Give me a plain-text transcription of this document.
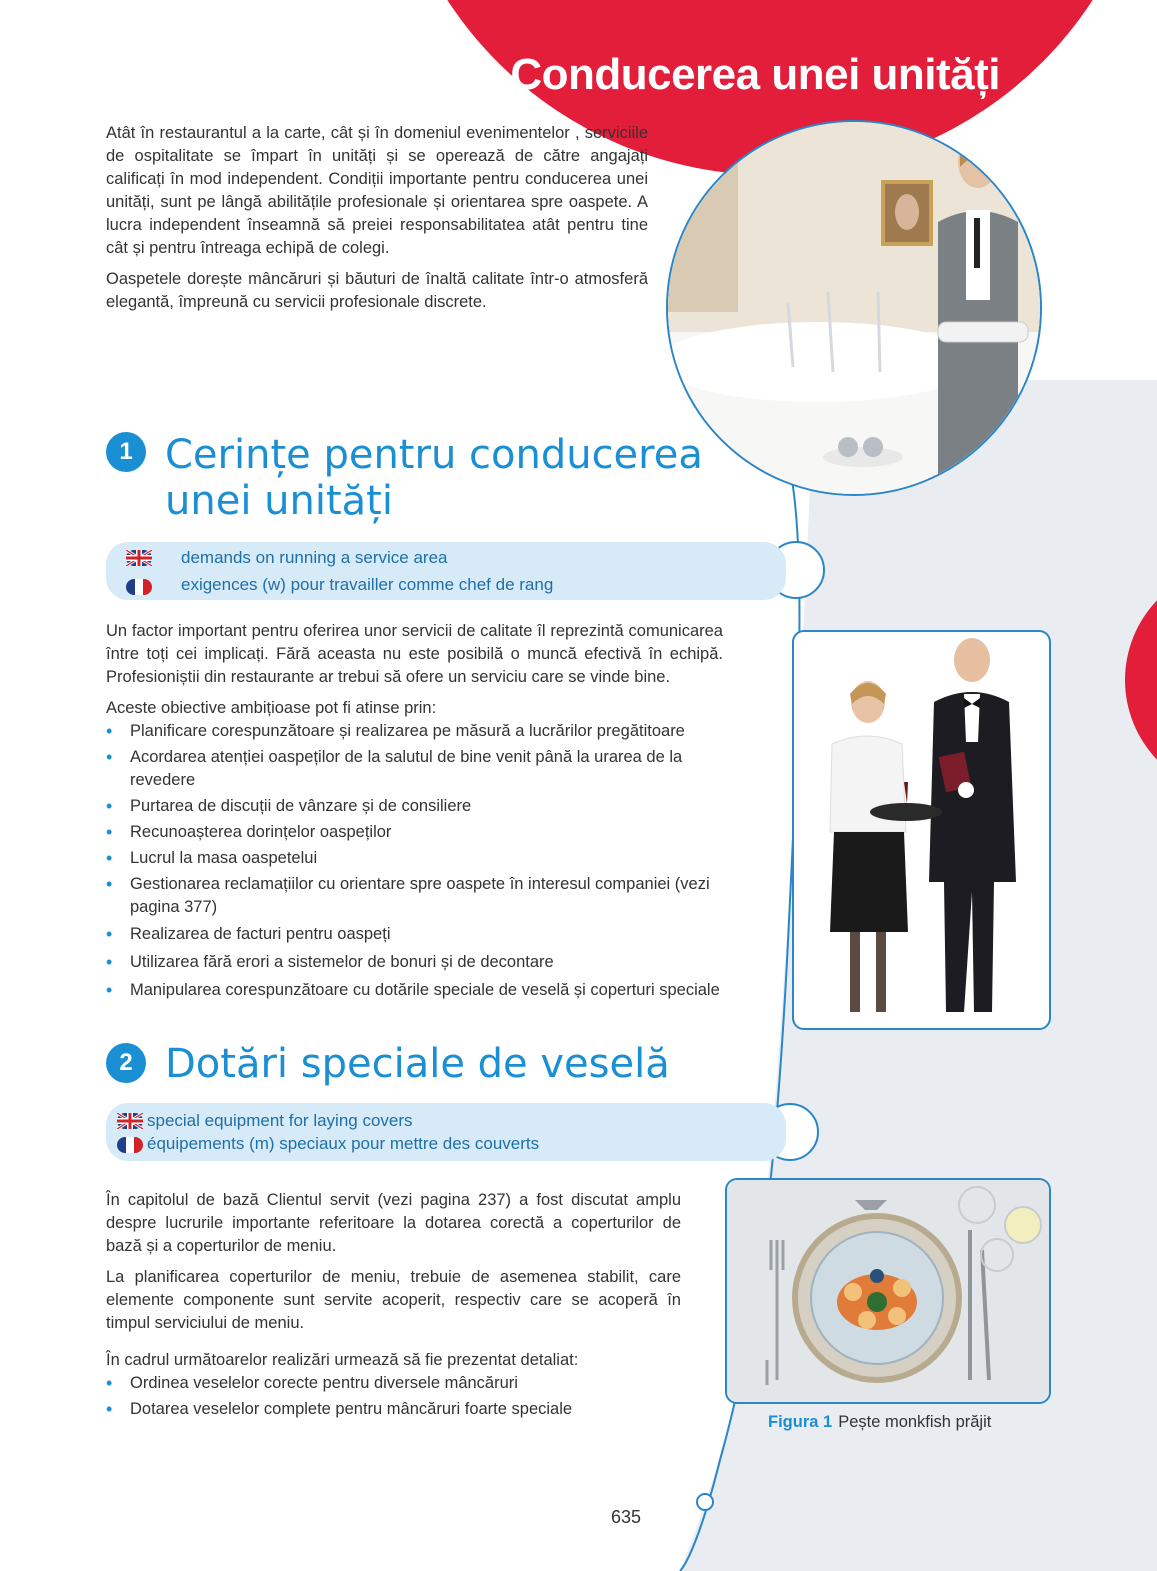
Conducerea unei unități

Atât în restaurantul a la carte, cât și în domeniul evenimentelor , serviciile de ospitalitate se împart în unități și se operează de către angajați calificați în mod independent. Condiții importante pentru conducerea unei unități, sunt pe lângă abilitățile profesionale și orientarea spre oaspete. A lucra independent înseamnă să preiei responsabilitatea atât pentru tine cât și pentru întreaga echipă de colegi.

Oaspetele dorește mâncăruri și băuturi de înaltă calitate într-o atmosferă elegantă, împreună cu servicii profesionale discrete.

1 Cerințe pentru conducerea
unei unități
demands on running a service area
exigences (w) pour travailler comme chef de rang

Un factor important pentru oferirea unor servicii de calitate îl reprezintă comunicarea între toți cei implicați. Fără aceasta nu este posibilă o muncă efectivă în echipă. Profesioniștii din restaurante ar trebui să ofere un serviciu care se vinde bine.

Aceste obiective ambițioase pot fi atinse prin:
• Planificare corespunzătoare și realizarea pe măsură a lucrărilor pregătitoare
• Acordarea atenției oaspeților de la salutul de bine venit până la urarea de la revedere
• Purtarea de discuții de vânzare și de consiliere
• Recunoașterea dorințelor oaspeților
• Lucrul la masa oaspetelui
• Gestionarea reclamațiilor cu orientare spre oaspete în interesul companiei (vezi pagina 377)
• Realizarea de facturi pentru oaspeți
• Utilizarea fără erori a sistemelor de bonuri și de decontare
• Manipularea corespunzătoare cu dotările speciale de veselă și coperturi speciale
2 Dotări speciale de veselă
special equipment for laying covers
équipements (m) speciaux pour mettre des couverts

În capitolul de bază Clientul servit (vezi pagina 237) a fost discutat amplu despre lucrurile importante referitoare la dotarea corectă a coperturilor de bază și a coperturilor de meniu.

La planificarea coperturilor de meniu, trebuie de asemenea stabilit, care elemente componente sunt servite acoperit, respectiv care se acoperă în timpul serviciului de meniu.

În cadrul următoarelor realizări urmează să fie prezentat detaliat:
• Ordinea veselelor corecte pentru diversele mâncăruri
• Dotarea veselelor complete pentru mâncăruri foarte speciale
Figura 1 Pește monkfish prăjit
635
